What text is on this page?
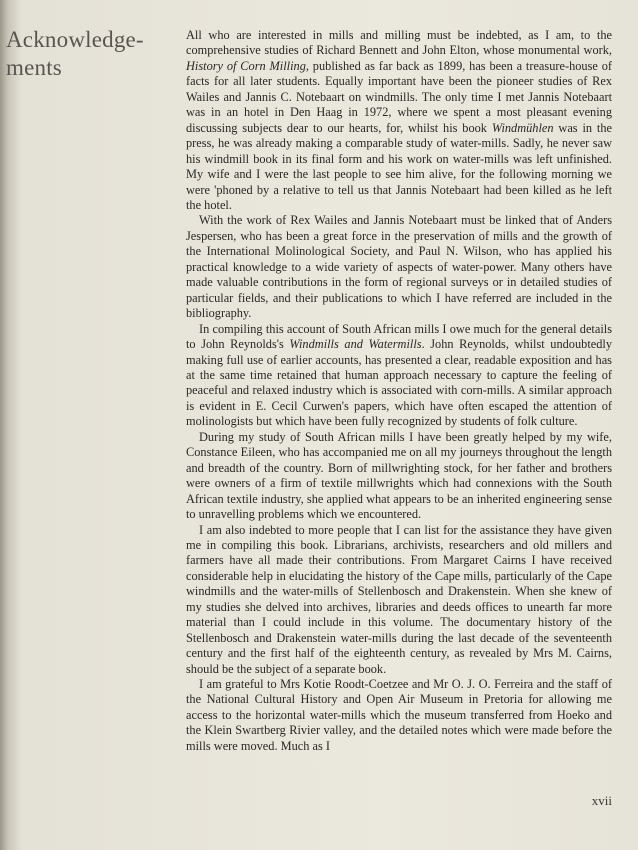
Acknowledge-
ments

All who are interested in mills and milling must be indebted, as I am, to the comprehensive studies of Richard Bennett and John Elton, whose monumental work, History of Corn Milling, published as far back as 1899, has been a treasure-house of facts for all later students. Equally important have been the pioneer studies of Rex Wailes and Jannis C. Notebaart on windmills. The only time I met Jannis Notebaart was in an hotel in Den Haag in 1972, where we spent a most pleasant evening discussing subjects dear to our hearts, for, whilst his book Windmühlen was in the press, he was already making a comparable study of water-mills. Sadly, he never saw his windmill book in its final form and his work on water-mills was left unfinished. My wife and I were the last people to see him alive, for the following morning we were 'phoned by a relative to tell us that Jannis Notebaart had been killed as he left the hotel.

With the work of Rex Wailes and Jannis Notebaart must be linked that of Anders Jespersen, who has been a great force in the preservation of mills and the growth of the International Molinological Society, and Paul N. Wilson, who has applied his practical knowledge to a wide variety of aspects of water-power. Many others have made valuable contributions in the form of regional surveys or in detailed studies of particular fields, and their publications to which I have referred are included in the bibliography.

In compiling this account of South African mills I owe much for the general details to John Reynolds's Windmills and Watermills. John Reynolds, whilst undoubtedly making full use of earlier accounts, has presented a clear, readable exposition and has at the same time retained that human approach necessary to capture the feeling of peaceful and relaxed industry which is associated with corn-mills. A similar approach is evident in E. Cecil Curwen's papers, which have often escaped the attention of molinologists but which have been fully recognized by students of folk culture.

During my study of South African mills I have been greatly helped by my wife, Constance Eileen, who has accompanied me on all my journeys throughout the length and breadth of the country. Born of millwrighting stock, for her father and brothers were owners of a firm of textile millwrights which had connexions with the South African textile industry, she applied what appears to be an inherited engineering sense to unravelling problems which we encountered.

I am also indebted to more people that I can list for the assistance they have given me in compiling this book. Librarians, archivists, researchers and old millers and farmers have all made their contributions. From Margaret Cairns I have received considerable help in elucidating the history of the Cape mills, particularly of the Cape windmills and the water-mills of Stellenbosch and Drakenstein. When she knew of my studies she delved into archives, libraries and deeds offices to unearth far more material than I could include in this volume. The documentary history of the Stellenbosch and Drakenstein water-mills during the last decade of the seventeenth century and the first half of the eighteenth century, as revealed by Mrs M. Cairns, should be the subject of a separate book.

I am grateful to Mrs Kotie Roodt-Coetzee and Mr O. J. O. Ferreira and the staff of the National Cultural History and Open Air Museum in Pretoria for allowing me access to the horizontal water-mills which the museum transferred from Hoeko and the Klein Swartberg Rivier valley, and the detailed notes which were made before the mills were moved. Much as I

xvii
